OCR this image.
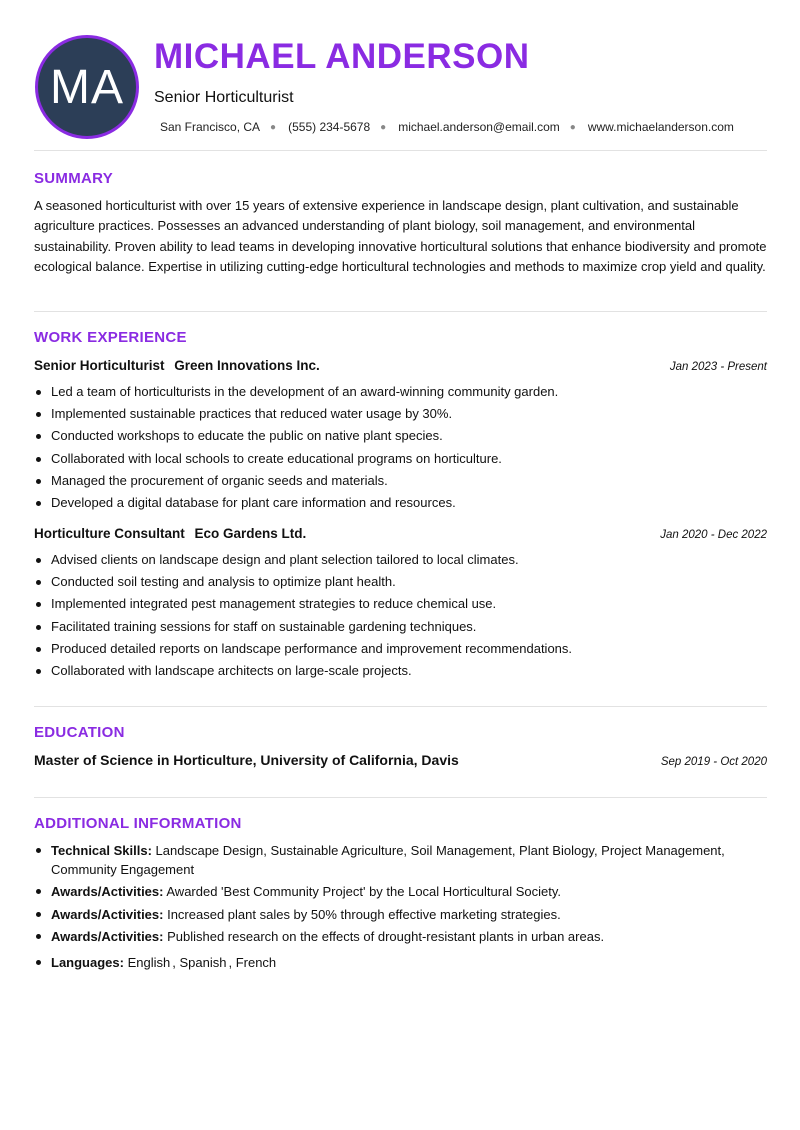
MA
MICHAEL ANDERSON
Senior Horticulturist
San Francisco, CA ● (555) 234-5678 ● michael.anderson@email.com ● www.michaelanderson.com
SUMMARY

A seasoned horticulturist with over 15 years of extensive experience in landscape design, plant cultivation, and sustainable agriculture practices. Possesses an advanced understanding of plant biology, soil management, and environmental sustainability. Proven ability to lead teams in developing innovative horticultural solutions that enhance biodiversity and promote ecological balance. Expertise in utilizing cutting-edge horticultural technologies and methods to maximize crop yield and quality.

WORK EXPERIENCE
Senior Horticulturist Green Innovations Inc.	Jan 2023 - Present
Led a team of horticulturists in the development of an award-winning community garden.
Implemented sustainable practices that reduced water usage by 30%.
Conducted workshops to educate the public on native plant species.
Collaborated with local schools to create educational programs on horticulture.
Managed the procurement of organic seeds and materials.
Developed a digital database for plant care information and resources.
Horticulture Consultant Eco Gardens Ltd.	Jan 2020 - Dec 2022
Advised clients on landscape design and plant selection tailored to local climates.
Conducted soil testing and analysis to optimize plant health.
Implemented integrated pest management strategies to reduce chemical use.
Facilitated training sessions for staff on sustainable gardening techniques.
Produced detailed reports on landscape performance and improvement recommendations.
Collaborated with landscape architects on large-scale projects.
EDUCATION
Master of Science in Horticulture, University of California, Davis	Sep 2019 - Oct 2020
ADDITIONAL INFORMATION
Technical Skills: Landscape Design, Sustainable Agriculture, Soil Management, Plant Biology, Project Management, Community Engagement
Awards/Activities: Awarded 'Best Community Project' by the Local Horticultural Society.
Awards/Activities: Increased plant sales by 50% through effective marketing strategies.
Awards/Activities: Published research on the effects of drought-resistant plants in urban areas.
Languages: English , Spanish , French
